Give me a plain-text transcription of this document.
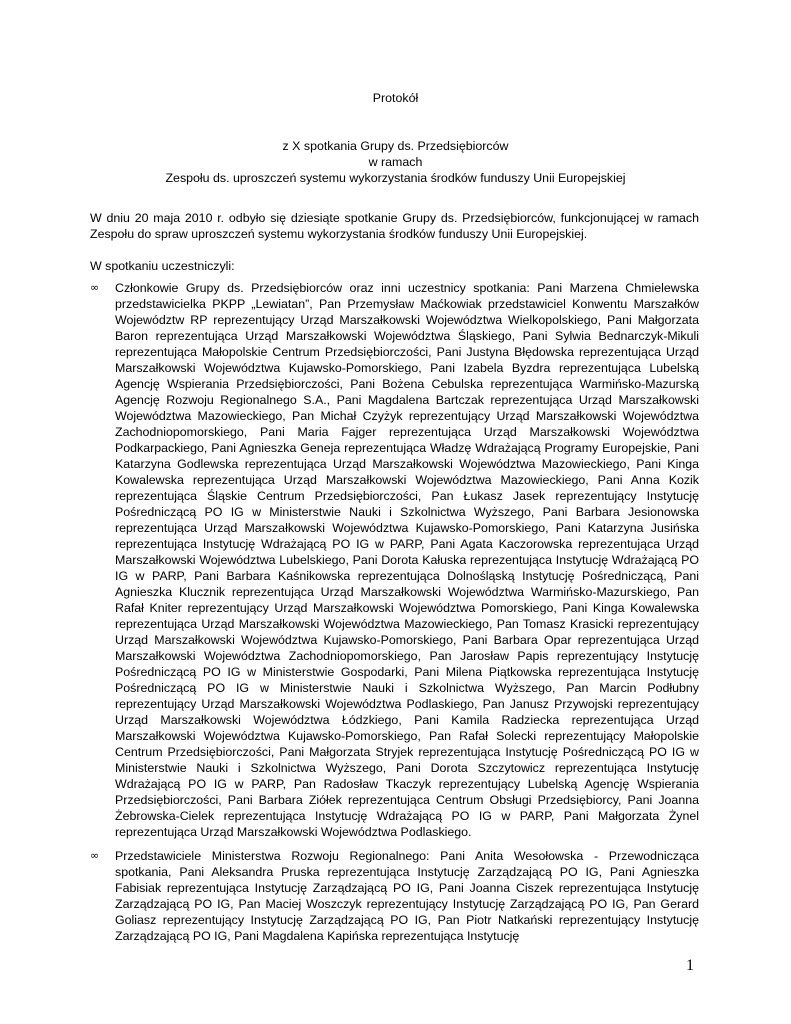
Protokół
z X spotkania Grupy ds. Przedsiębiorców
w ramach
Zespołu ds. uproszczeń systemu wykorzystania środków funduszy Unii Europejskiej
W dniu 20 maja 2010 r. odbyło się dziesiąte spotkanie Grupy ds. Przedsiębiorców, funkcjonującej w ramach Zespołu do spraw uproszczeń systemu wykorzystania środków funduszy Unii Europejskiej.
W spotkaniu uczestniczyli:
∞ Członkowie Grupy ds. Przedsiębiorców oraz inni uczestnicy spotkania: Pani Marzena Chmielewska przedstawicielka PKPP „Lewiatan”, Pan Przemysław Maćkowiak przedstawiciel Konwentu Marszałków Województw RP reprezentujący Urząd Marszałkowski Województwa Wielkopolskiego, Pani Małgorzata Baron reprezentująca Urząd Marszałkowski Województwa Śląskiego, Pani Sylwia Bednarczyk-Mikuli reprezentująca Małopolskie Centrum Przedsiębiorczości, Pani Justyna Błędowska reprezentująca Urząd Marszałkowski Województwa Kujawsko-Pomorskiego, Pani Izabela Byzdra reprezentująca Lubelską Agencję Wspierania Przedsiębiorczości, Pani Bożena Cebulska reprezentująca Warmińsko-Mazurską Agencję Rozwoju Regionalnego S.A., Pani Magdalena Bartczak reprezentująca Urząd Marszałkowski Województwa Mazowieckiego, Pan Michał Czyżyk reprezentujący Urząd Marszałkowski Województwa Zachodniopomorskiego, Pani Maria Fajger reprezentująca Urząd Marszałkowski Województwa Podkarpackiego, Pani Agnieszka Geneja reprezentująca Władzę Wdrażającą Programy Europejskie, Pani Katarzyna Godlewska reprezentująca Urząd Marszałkowski Województwa Mazowieckiego, Pani Kinga Kowalewska reprezentująca Urząd Marszałkowski Województwa Mazowieckiego, Pani Anna Kozik reprezentująca Śląskie Centrum Przedsiębiorczości, Pan Łukasz Jasek reprezentujący Instytucję Pośredniczącą PO IG w Ministerstwie Nauki i Szkolnictwa Wyższego, Pani Barbara Jesionowska reprezentująca Urząd Marszałkowski Województwa Kujawsko-Pomorskiego, Pani Katarzyna Jusińska reprezentująca Instytucję Wdrażającą PO IG w PARP, Pani Agata Kaczorowska reprezentująca Urząd Marszałkowski Województwa Lubelskiego, Pani Dorota Kałuska reprezentująca Instytucję Wdrażającą PO IG w PARP, Pani Barbara Kaśnikowska reprezentująca Dolnośląską Instytucję Pośredniczącą, Pani Agnieszka Klucznik reprezentująca Urząd Marszałkowski Województwa Warmińsko-Mazurskiego, Pan Rafał Kniter reprezentujący Urząd Marszałkowski Województwa Pomorskiego, Pani Kinga Kowalewska reprezentująca Urząd Marszałkowski Województwa Mazowieckiego, Pan Tomasz Krasicki reprezentujący Urząd Marszałkowski Województwa Kujawsko-Pomorskiego, Pani Barbara Opar reprezentująca Urząd Marszałkowski Województwa Zachodniopomorskiego, Pan Jarosław Papis reprezentujący Instytucję Pośredniczącą PO IG w Ministerstwie Gospodarki, Pani Milena Piątkowska reprezentująca Instytucję Pośredniczącą PO IG w Ministerstwie Nauki i Szkolnictwa Wyższego, Pan Marcin Podłubny reprezentujący Urząd Marszałkowski Województwa Podlaskiego, Pan Janusz Przywojski reprezentujący Urząd Marszałkowski Województwa Łódzkiego, Pani Kamila Radziecka reprezentująca Urząd Marszałkowski Województwa Kujawsko-Pomorskiego, Pan Rafał Solecki reprezentujący Małopolskie Centrum Przedsiębiorczości, Pani Małgorzata Stryjek reprezentująca Instytucję Pośredniczącą PO IG w Ministerstwie Nauki i Szkolnictwa Wyższego, Pani Dorota Szczytowicz reprezentująca Instytucję Wdrażającą PO IG w PARP, Pan Radosław Tkaczyk reprezentujący Lubelską Agencję Wspierania Przedsiębiorczości, Pani Barbara Ziółek reprezentująca Centrum Obsługi Przedsiębiorcy, Pani Joanna Żebrowska-Cielek reprezentująca Instytucję Wdrażającą PO IG w PARP, Pani Małgorzata Żynel reprezentująca Urząd Marszałkowski Województwa Podlaskiego.
∞ Przedstawiciele Ministerstwa Rozwoju Regionalnego: Pani Anita Wesołowska - Przewodnicząca spotkania, Pani Aleksandra Pruska reprezentująca Instytucję Zarządzającą PO IG, Pani Agnieszka Fabisiak reprezentująca Instytucję Zarządzającą PO IG, Pani Joanna Ciszek reprezentująca Instytucję Zarządzającą PO IG, Pan Maciej Woszczyk reprezentujący Instytucję Zarządzającą PO IG, Pan Gerard Goliasz reprezentujący Instytucję Zarządzającą PO IG, Pan Piotr Natkański reprezentujący Instytucję Zarządzającą PO IG, Pani Magdalena Kapińska reprezentująca Instytucję
1
